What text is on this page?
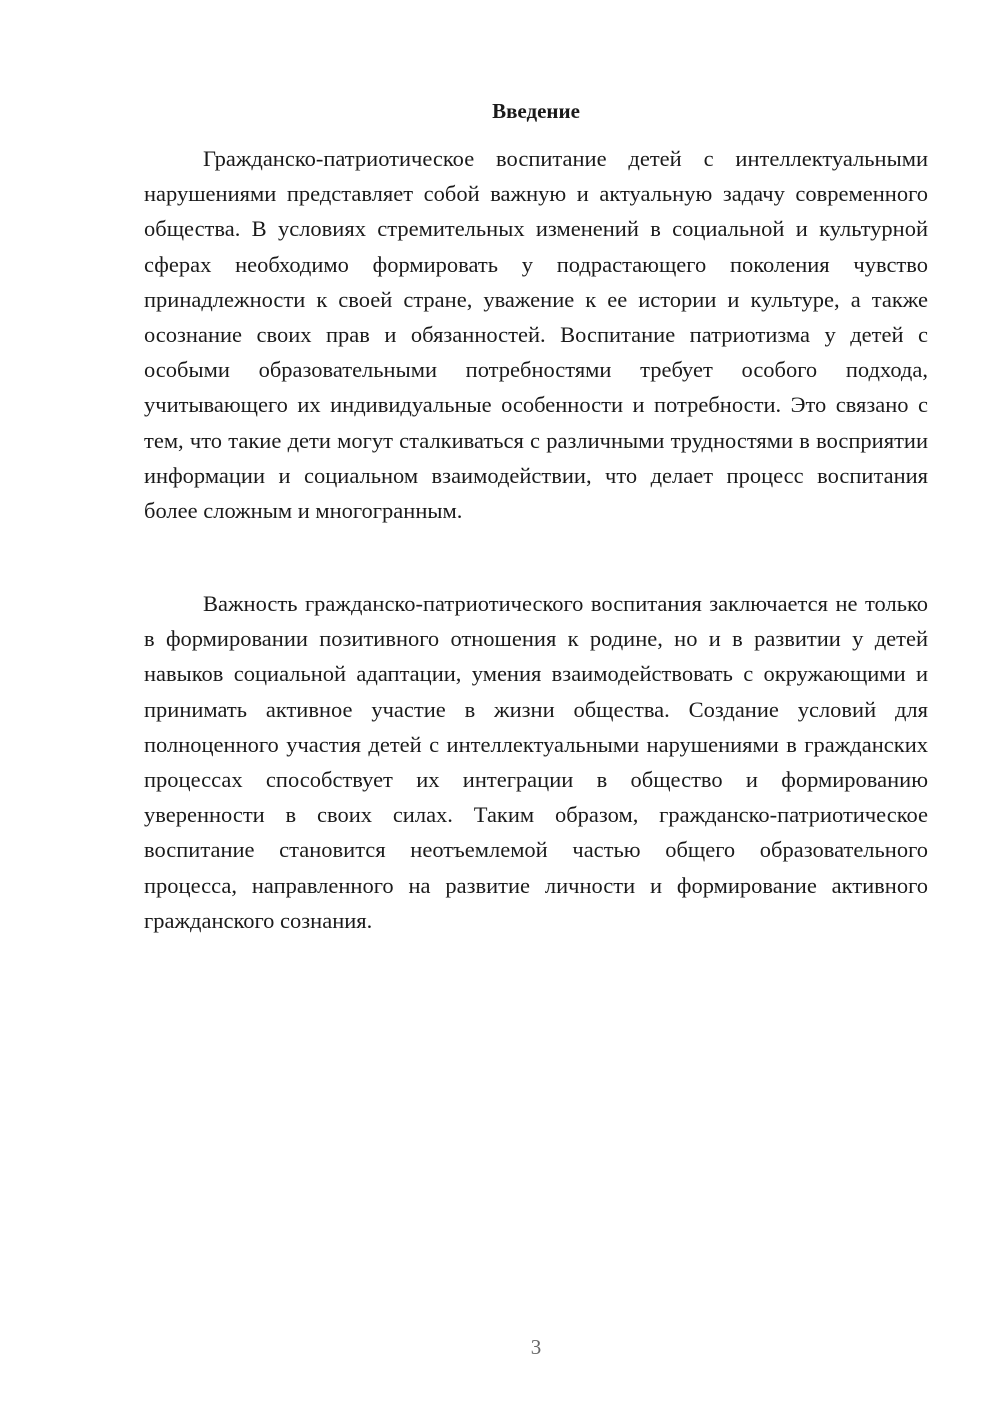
Введение

Гражданско-патриотическое воспитание детей с интеллектуальными нарушениями представляет собой важную и актуальную задачу современного общества. В условиях стремительных изменений в социальной и культурной сферах необходимо формировать у подрастающего поколения чувство принадлежности к своей стране, уважение к ее истории и культуре, а также осознание своих прав и обязанностей. Воспитание патриотизма у детей с особыми образовательными потребностями требует особого подхода, учитывающего их индивидуальные особенности и потребности. Это связано с тем, что такие дети могут сталкиваться с различными трудностями в восприятии информации и социальном взаимодействии, что делает процесс воспитания более сложным и многогранным.

Важность гражданско-патриотического воспитания заключается не только в формировании позитивного отношения к родине, но и в развитии у детей навыков социальной адаптации, умения взаимодействовать с окружающими и принимать активное участие в жизни общества. Создание условий для полноценного участия детей с интеллектуальными нарушениями в гражданских процессах способствует их интеграции в общество и формированию уверенности в своих силах. Таким образом, гражданско-патриотическое воспитание становится неотъемлемой частью общего образовательного процесса, направленного на развитие личности и формирование активного гражданского сознания.

3
